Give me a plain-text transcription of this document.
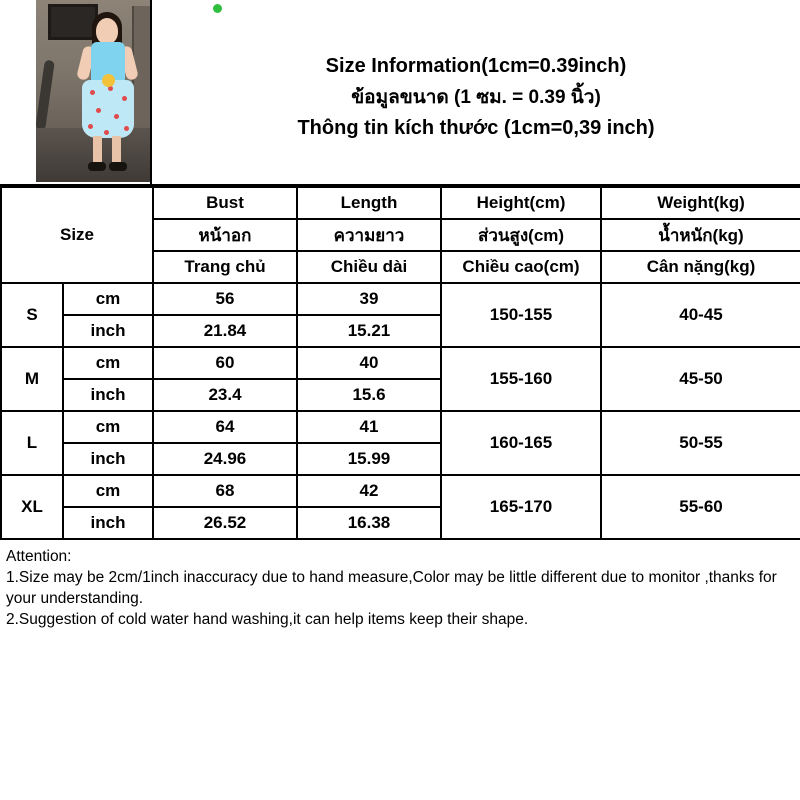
Size Information(1cm=0.39inch)
ข้อมูลขนาด (1 ซม. = 0.39 นิ้ว)
Thông tin kích thước (1cm=0,39 inch)
Size		Bust	Length	Height(cm)	Weight(kg)
		หน้าอก	ความยาว	ส่วนสูง(cm)	น้ำหนัก(kg)
		Trang chủ	Chiều dài	Chiều cao(cm)	Cân nặng(kg)
S	cm	56	39	150-155	40-45
	inch	21.84	15.21		
M	cm	60	40	155-160	45-50
	inch	23.4	15.6		
L	cm	64	41	160-165	50-55
	inch	24.96	15.99		
XL	cm	68	42	165-170	55-60
	inch	26.52	16.38		

Attention:

1.Size may be 2cm/1inch inaccuracy due to hand measure,Color may be little different due to monitor ,thanks for your understanding.

2.Suggestion of cold water hand washing,it can help items keep their shape.
